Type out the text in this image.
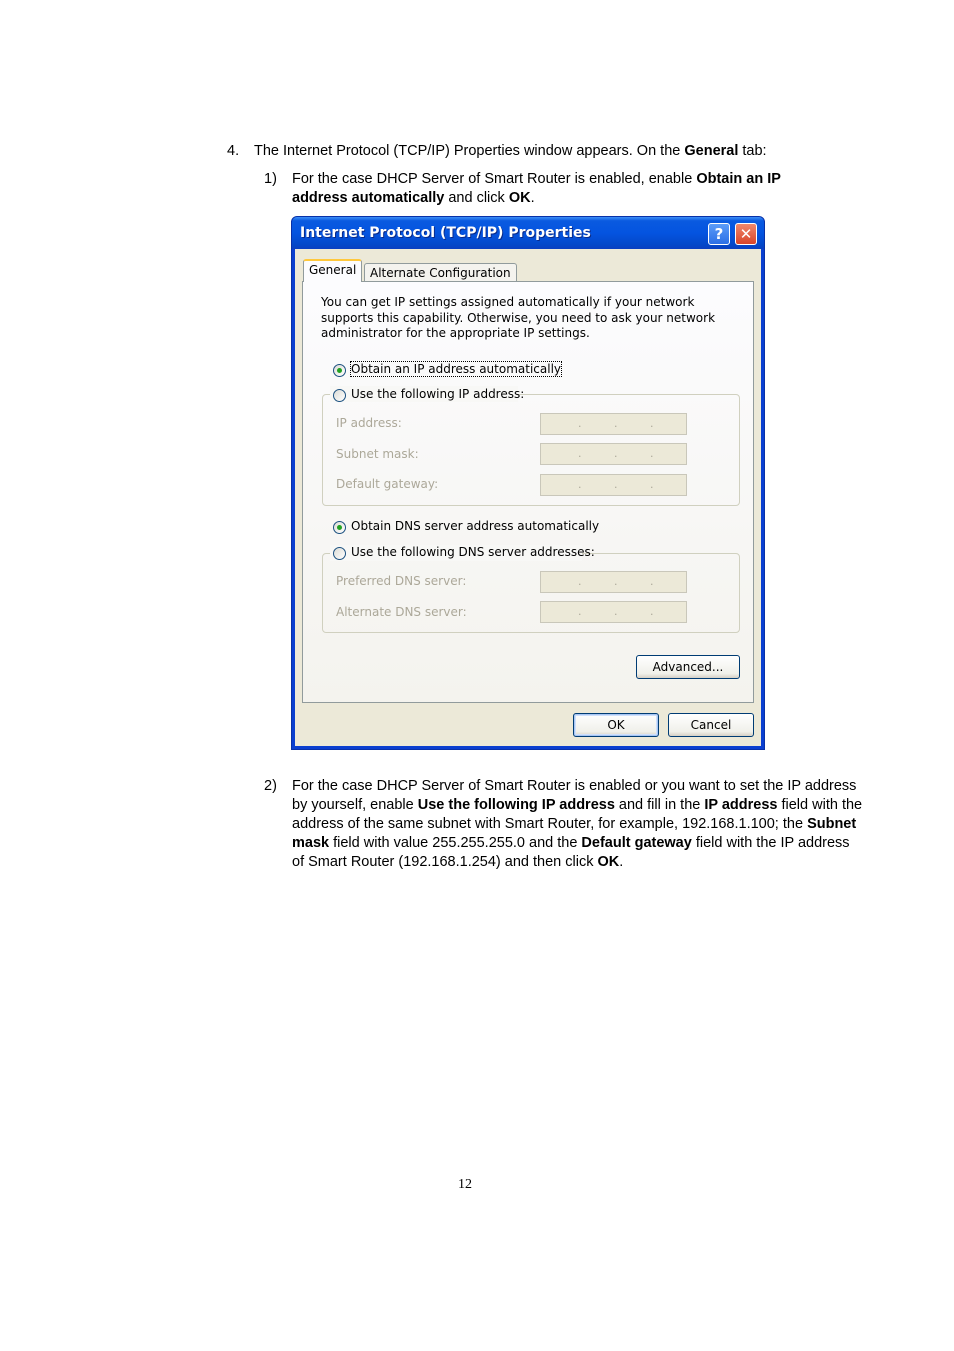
4. The Internet Protocol (TCP/IP) Properties window appears. On the General tab:
1) For the case DHCP Server of Smart Router is enabled, enable Obtain an IP
address automatically and click OK.
Internet Protocol (TCP/IP) Properties	?	✕
General	Alternate Configuration
You can get IP settings assigned automatically if your network supports this capability. Otherwise, you need to ask your network administrator for the appropriate IP settings.
Obtain an IP address automatically
Use the following IP address:
IP address:	.	.	.
Subnet mask:	.	.	.
Default gateway:	.	.	.
Obtain DNS server address automatically
Use the following DNS server addresses:
Preferred DNS server:	.	.	.
Alternate DNS server:	.	.	.
Advanced...
OK	Cancel
2) For the case DHCP Server of Smart Router is enabled or you want to set the IP address by yourself, enable Use the following IP address and fill in the IP address field with the address of the same subnet with Smart Router, for example, 192.168.1.100; the Subnet mask field with value 255.255.255.0 and the Default gateway field with the IP address of Smart Router (192.168.1.254) and then click OK.
12
